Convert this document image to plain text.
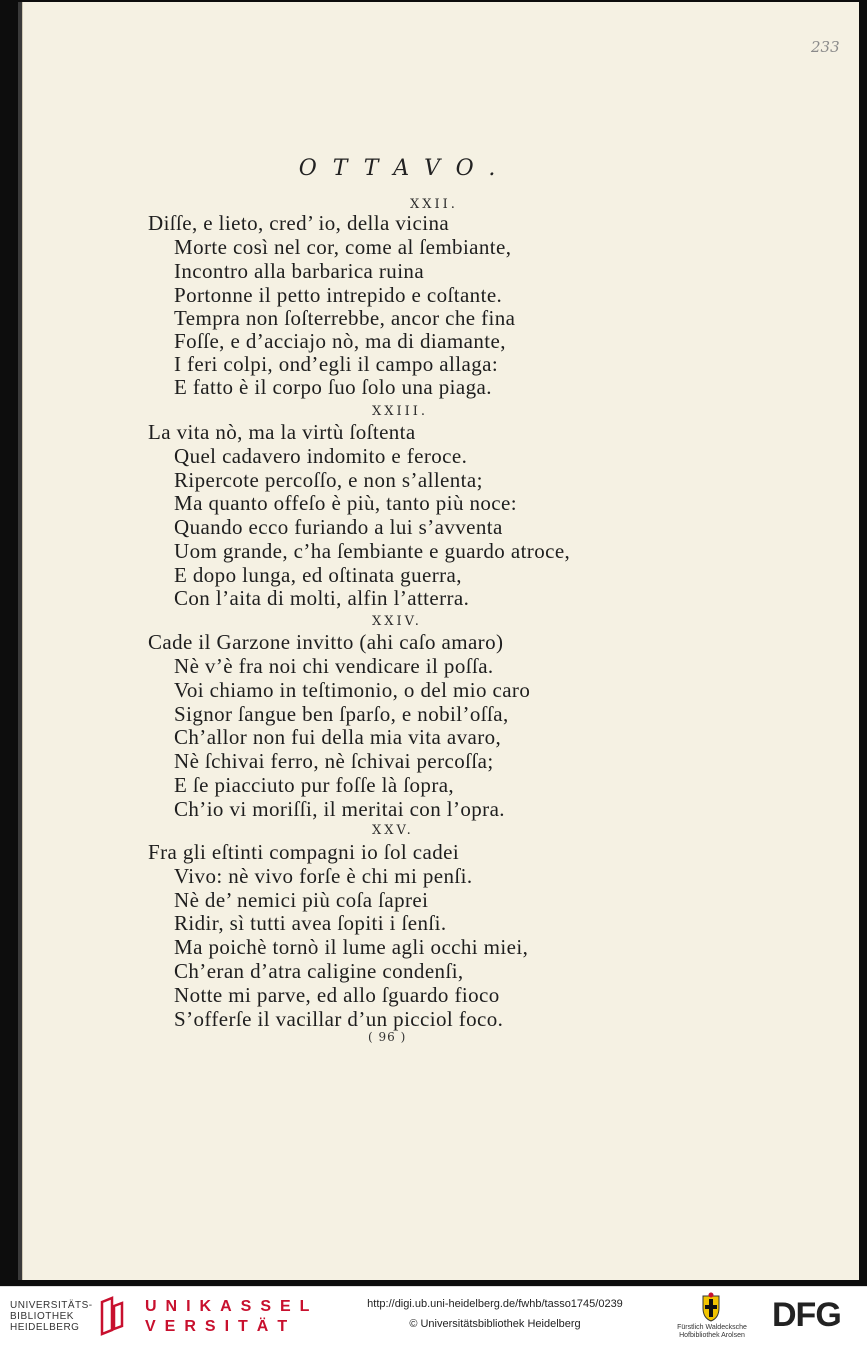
233
OTTAVO.
XXII.
Diſſe, e lieto, cred’ io, della vicina
Morte così nel cor, come al ſembiante,
Incontro alla barbarica ruina
Portonne il petto intrepido e coſtante.
Tempra non ſoſterrebbe, ancor che fina
Foſſe, e d’acciajo nò, ma di diamante,
I feri colpi, ond’egli il campo allaga:
E fatto è il corpo ſuo ſolo una piaga.
XXIII.
La vita nò, ma la virtù ſoſtenta
Quel cadavero indomito e feroce.
Ripercote percoſſo, e non s’allenta;
Ma quanto offeſo è più, tanto più noce:
Quando ecco furiando a lui s’avventa
Uom grande, c’ha ſembiante e guardo atroce,
E dopo lunga, ed oſtinata guerra,
Con l’aita di molti, alfin l’atterra.
XXIV.
Cade il Garzone invitto (ahi caſo amaro)
Nè v’è fra noi chi vendicare il poſſa.
Voi chiamo in teſtimonio, o del mio caro
Signor ſangue ben ſparſo, e nobil’oſſa,
Ch’allor non fui della mia vita avaro,
Nè ſchivai ferro, nè ſchivai percoſſa;
E ſe piacciuto pur foſſe là ſopra,
Ch’io vi moriſſi, il meritai con l’opra.
XXV.
Fra gli eſtinti compagni io ſol cadei
Vivo: nè vivo forſe è chi mi penſi.
Nè de’ nemici più coſa ſaprei
Ridir, sì tutti avea ſopiti i ſenſi.
Ma poichè tornò il lume agli occhi miei,
Ch’eran d’atra caligine condenſi,
Notte mi parve, ed allo ſguardo fioco
S’offerſe il vacillar d’un picciol foco.
( 96 )
UNIVERSITÄTS-
BIBLIOTHEK
HEIDELBERG
UNIKASSEL
VERSITÄT
http://digi.ub.uni-heidelberg.de/fwhb/tasso1745/0239
© Universitätsbibliothek Heidelberg	Fürstlich Waldecksche
Hofbibliothek Arolsen
DFG
